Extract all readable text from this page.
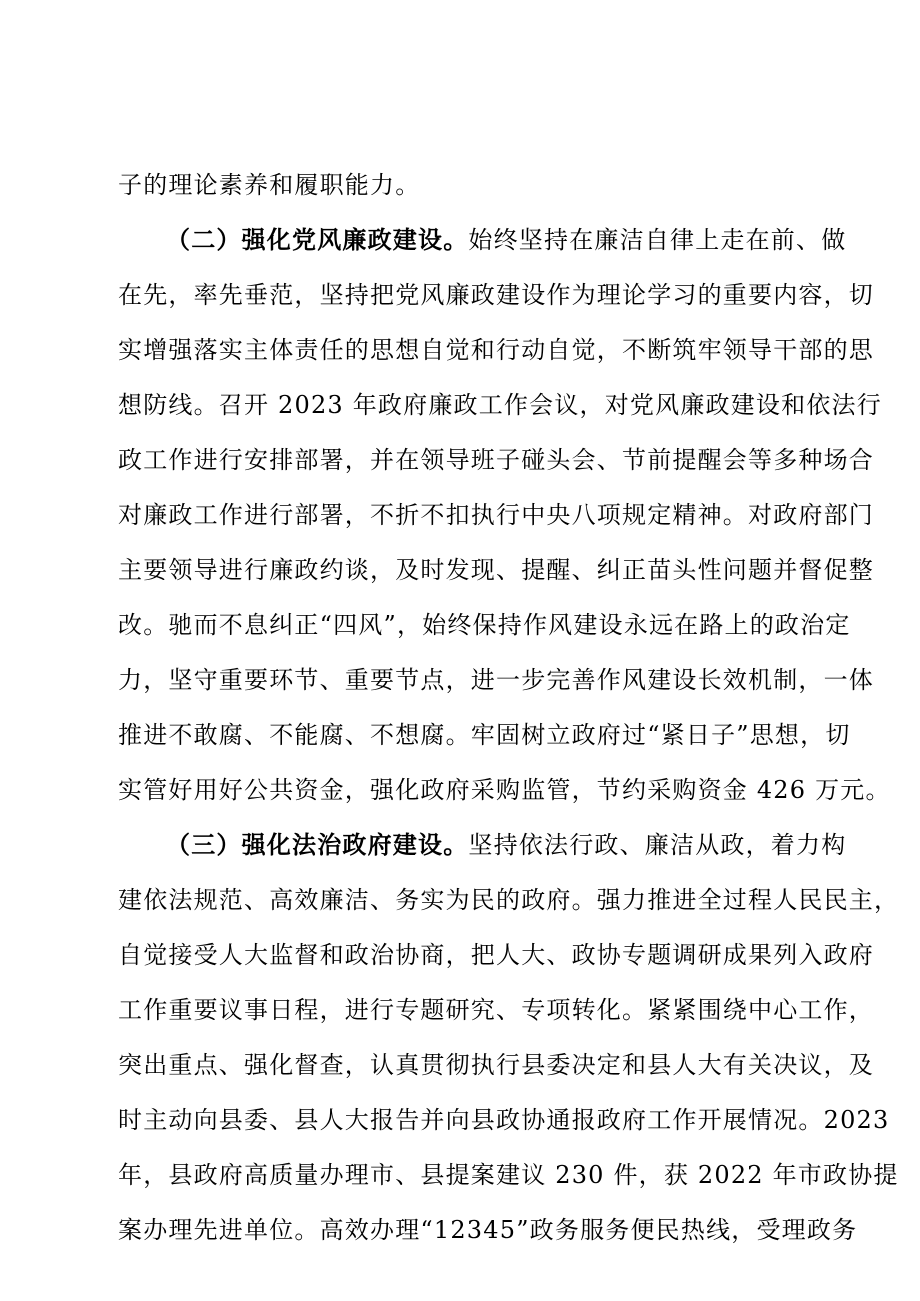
子的理论素养和履职能力。
（二）强化党风廉政建设。始终坚持在廉洁自律上走在前、做
在先，率先垂范，坚持把党风廉政建设作为理论学习的重要内容，切
实增强落实主体责任的思想自觉和行动自觉，不断筑牢领导干部的思
想防线。召开 2023 年政府廉政工作会议，对党风廉政建设和依法行
政工作进行安排部署，并在领导班子碰头会、节前提醒会等多种场合
对廉政工作进行部署，不折不扣执行中央八项规定精神。对政府部门
主要领导进行廉政约谈，及时发现、提醒、纠正苗头性问题并督促整
改。驰而不息纠正“四风”，始终保持作风建设永远在路上的政治定
力，坚守重要环节、重要节点，进一步完善作风建设长效机制，一体
推进不敢腐、不能腐、不想腐。牢固树立政府过“紧日子”思想，切
实管好用好公共资金，强化政府采购监管，节约采购资金 426 万元。
（三）强化法治政府建设。坚持依法行政、廉洁从政，着力构
建依法规范、高效廉洁、务实为民的政府。强力推进全过程人民民主，
自觉接受人大监督和政治协商，把人大、政协专题调研成果列入政府
工作重要议事日程，进行专题研究、专项转化。紧紧围绕中心工作，
突出重点、强化督查，认真贯彻执行县委决定和县人大有关决议，及
时主动向县委、县人大报告并向县政协通报政府工作开展情况。2023
年，县政府高质量办理市、县提案建议 230 件，获 2022 年市政协提
案办理先进单位。高效办理“12345”政务服务便民热线，受理政务
